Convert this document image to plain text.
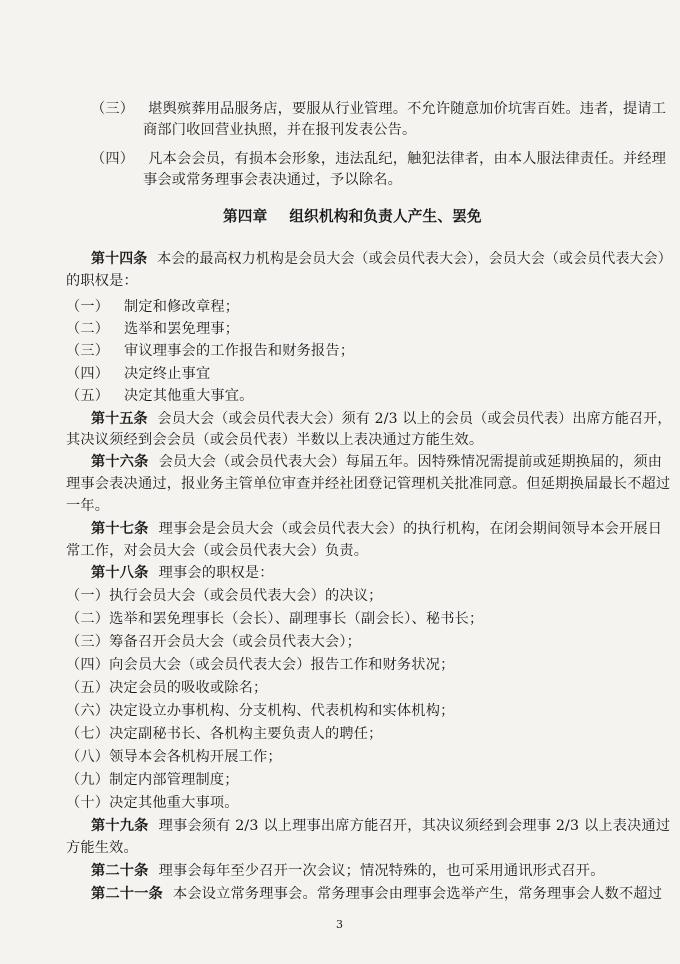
（三） 堪舆殡葬用品服务店，要服从行业管理。不允许随意加价坑害百姓。违者，提请工
商部门收回营业执照，并在报刊发表公告。
（四） 凡本会会员，有损本会形象，违法乱纪，触犯法律者，由本人服法律责任。并经理
事会或常务理事会表决通过，予以除名。
第四章 组织机构和负责人产生、罢免
第十四条 本会的最高权力机构是会员大会（或会员代表大会），会员大会（或会员代表大会）
的职权是：
（一） 制定和修改章程；
（二） 选举和罢免理事；
（三） 审议理事会的工作报告和财务报告；
（四） 决定终止事宜
（五） 决定其他重大事宜。
第十五条 会员大会（或会员代表大会）须有 2/3 以上的会员（或会员代表）出席方能召开，
其决议须经到会会员（或会员代表）半数以上表决通过方能生效。
第十六条 会员大会（或会员代表大会）每届五年。因特殊情况需提前或延期换届的，须由
理事会表决通过，报业务主管单位审查并经社团登记管理机关批准同意。但延期换届最长不超过
一年。
第十七条 理事会是会员大会（或会员代表大会）的执行机构，在闭会期间领导本会开展日
常工作，对会员大会（或会员代表大会）负责。
第十八条 理事会的职权是：
（一）执行会员大会（或会员代表大会）的决议；
（二）选举和罢免理事长（会长）、副理事长（副会长）、秘书长；
（三）筹备召开会员大会（或会员代表大会）；
（四）向会员大会（或会员代表大会）报告工作和财务状况；
（五）决定会员的吸收或除名；
（六）决定设立办事机构、分支机构、代表机构和实体机构；
（七）决定副秘书长、各机构主要负责人的聘任；
（八）领导本会各机构开展工作；
（九）制定内部管理制度；
（十）决定其他重大事项。
第十九条 理事会须有 2/3 以上理事出席方能召开，其决议须经到会理事 2/3 以上表决通过
方能生效。
第二十条 理事会每年至少召开一次会议；情况特殊的，也可采用通讯形式召开。
第二十一条 本会设立常务理事会。常务理事会由理事会选举产生，常务理事会人数不超过
3
